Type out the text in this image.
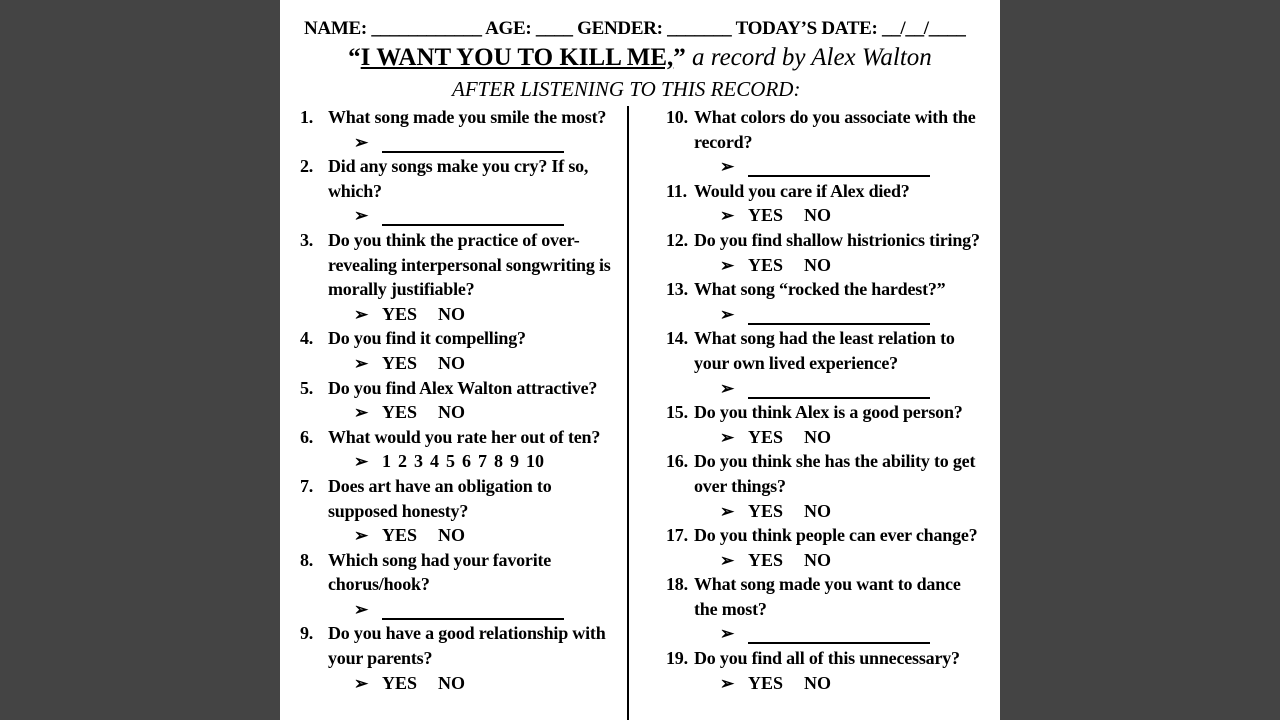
NAME: ____________ AGE: ____ GENDER: _______ TODAY’S DATE: __/__/____
“I WANT YOU TO KILL ME,” a record by Alex Walton
AFTER LISTENING TO THIS RECORD:
1. What song made you smile the most?
➢
2. Did any songs make you cry? If so, which?
➢
3. Do you think the practice of over-revealing interpersonal songwriting is morally justifiable?
➢ YES NO
4. Do you find it compelling?
➢ YES NO
5. Do you find Alex Walton attractive?
➢ YES NO
6. What would you rate her out of ten?
➢ 1 2 3 4 5 6 7 8 9 10
7. Does art have an obligation to supposed honesty?
➢ YES NO
8. Which song had your favorite chorus/hook?
➢
9. Do you have a good relationship with your parents?
➢ YES NO
10. What colors do you associate with the record?
➢
11. Would you care if Alex died?
➢ YES NO
12. Do you find shallow histrionics tiring?
➢ YES NO
13. What song “rocked the hardest?”
➢
14. What song had the least relation to your own lived experience?
➢
15. Do you think Alex is a good person?
➢ YES NO
16. Do you think she has the ability to get over things?
➢ YES NO
17. Do you think people can ever change?
➢ YES NO
18. What song made you want to dance the most?
➢
19. Do you find all of this unnecessary?
➢ YES NO
